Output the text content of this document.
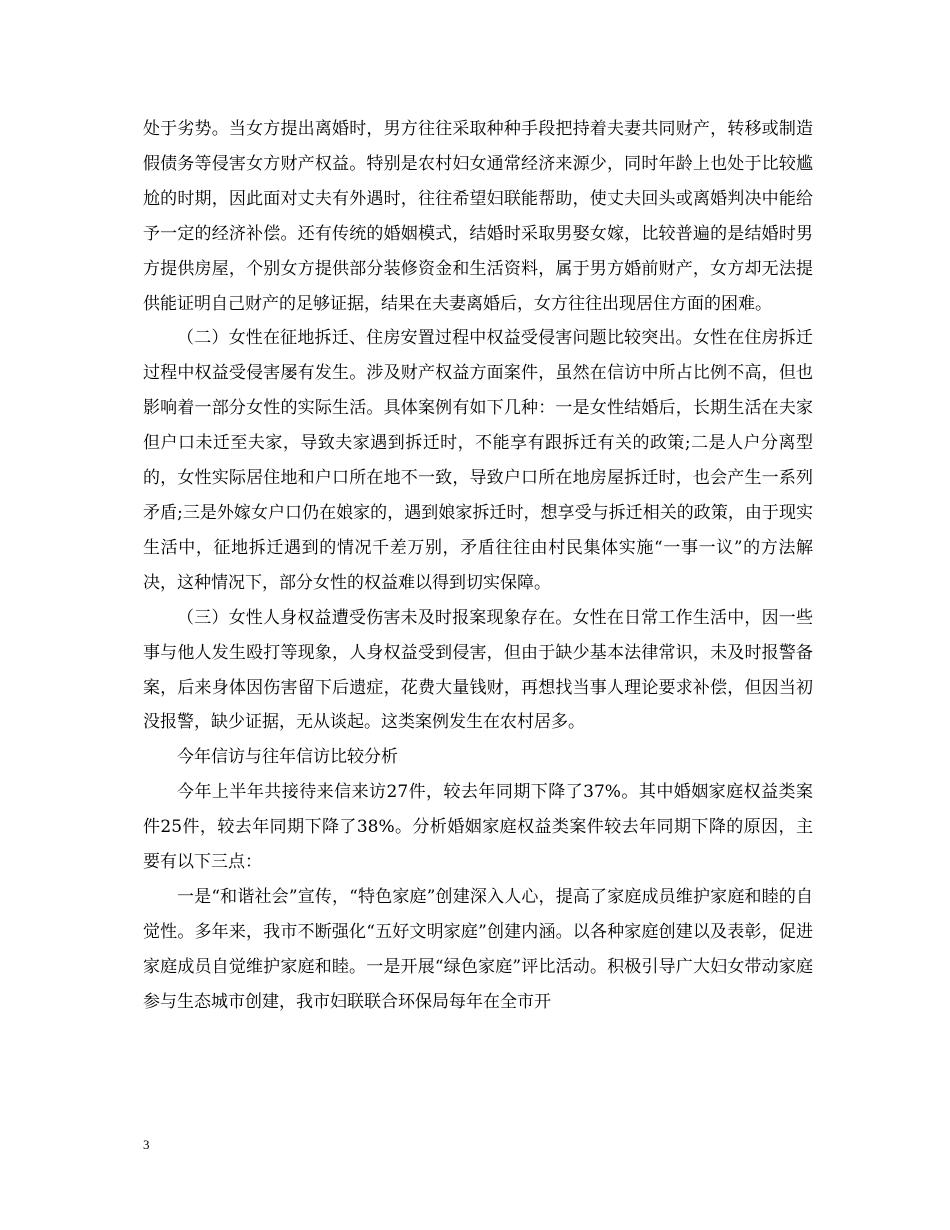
处于劣势。当女方提出离婚时，男方往往采取种种手段把持着夫妻共同财产，转移或制造假债务等侵害女方财产权益。特别是农村妇女通常经济来源少，同时年龄上也处于比较尴尬的时期，因此面对丈夫有外遇时，往往希望妇联能帮助，使丈夫回头或离婚判决中能给予一定的经济补偿。还有传统的婚姻模式，结婚时采取男娶女嫁，比较普遍的是结婚时男方提供房屋，个别女方提供部分装修资金和生活资料，属于男方婚前财产，女方却无法提供能证明自己财产的足够证据，结果在夫妻离婚后，女方往往出现居住方面的困难。

（二）女性在征地拆迁、住房安置过程中权益受侵害问题比较突出。女性在住房拆迁过程中权益受侵害屡有发生。涉及财产权益方面案件，虽然在信访中所占比例不高，但也影响着一部分女性的实际生活。具体案例有如下几种：一是女性结婚后，长期生活在夫家但户口未迁至夫家，导致夫家遇到拆迁时，不能享有跟拆迁有关的政策;二是人户分离型的，女性实际居住地和户口所在地不一致，导致户口所在地房屋拆迁时，也会产生一系列矛盾;三是外嫁女户口仍在娘家的，遇到娘家拆迁时，想享受与拆迁相关的政策，由于现实生活中，征地拆迁遇到的情况千差万别，矛盾往往由村民集体实施“一事一议”的方法解决，这种情况下，部分女性的权益难以得到切实保障。

（三）女性人身权益遭受伤害未及时报案现象存在。女性在日常工作生活中，因一些事与他人发生殴打等现象，人身权益受到侵害，但由于缺少基本法律常识，未及时报警备案，后来身体因伤害留下后遗症，花费大量钱财，再想找当事人理论要求补偿，但因当初没报警，缺少证据，无从谈起。这类案例发生在农村居多。

今年信访与往年信访比较分析

今年上半年共接待来信来访27件，较去年同期下降了37%。其中婚姻家庭权益类案件25件，较去年同期下降了38%。分析婚姻家庭权益类案件较去年同期下降的原因，主要有以下三点：

一是“和谐社会”宣传，“特色家庭”创建深入人心，提高了家庭成员维护家庭和睦的自觉性。多年来，我市不断强化“五好文明家庭”创建内涵。以各种家庭创建以及表彰，促进家庭成员自觉维护家庭和睦。一是开展“绿色家庭”评比活动。积极引导广大妇女带动家庭参与生态城市创建，我市妇联联合环保局每年在全市开

3
